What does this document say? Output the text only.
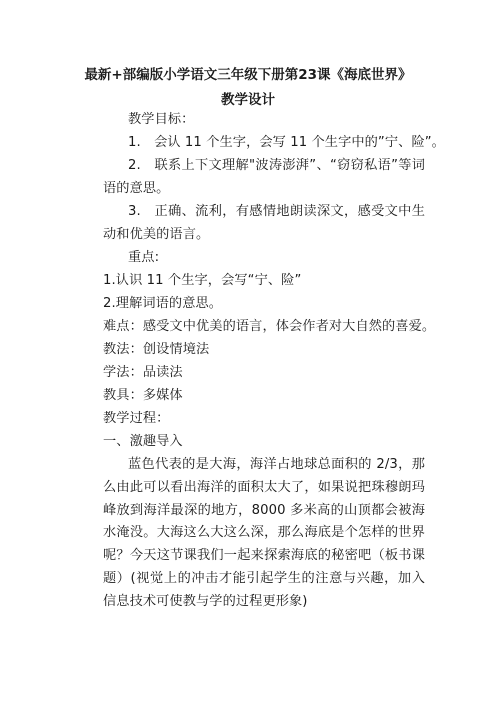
最新+部编版小学语文三年级下册第23课《海底世界》
教学设计
教学目标：
1.　会认 11 个生字，会写 11 个生字中的”宁、险”。
2.　联系上下文理解"波涛澎湃”、“窃窃私语”等词语的意思。
3.　正确、流利，有感情地朗读深文，感受文中生动和优美的语言。
重点:
1.认识 11 个生字，会写“宁、险”
2.理解词语的意思。
难点：感受文中优美的语言，体会作者对大自然的喜爱。
教法：创设情境法
学法：品读法
教具：多媒体
教学过程：
一、激趣导入
蓝色代表的是大海，海洋占地球总面积的 2/3，那么由此可以看出海洋的面积太大了，如果说把珠穆朗玛峰放到海洋最深的地方，8000 多米高的山顶都会被海水淹没。大海这么大这么深，那么海底是个怎样的世界呢？今天这节课我们一起来探索海底的秘密吧（板书课题）(视觉上的冲击才能引起学生的注意与兴趣，加入信息技术可使教与学的过程更形象)
